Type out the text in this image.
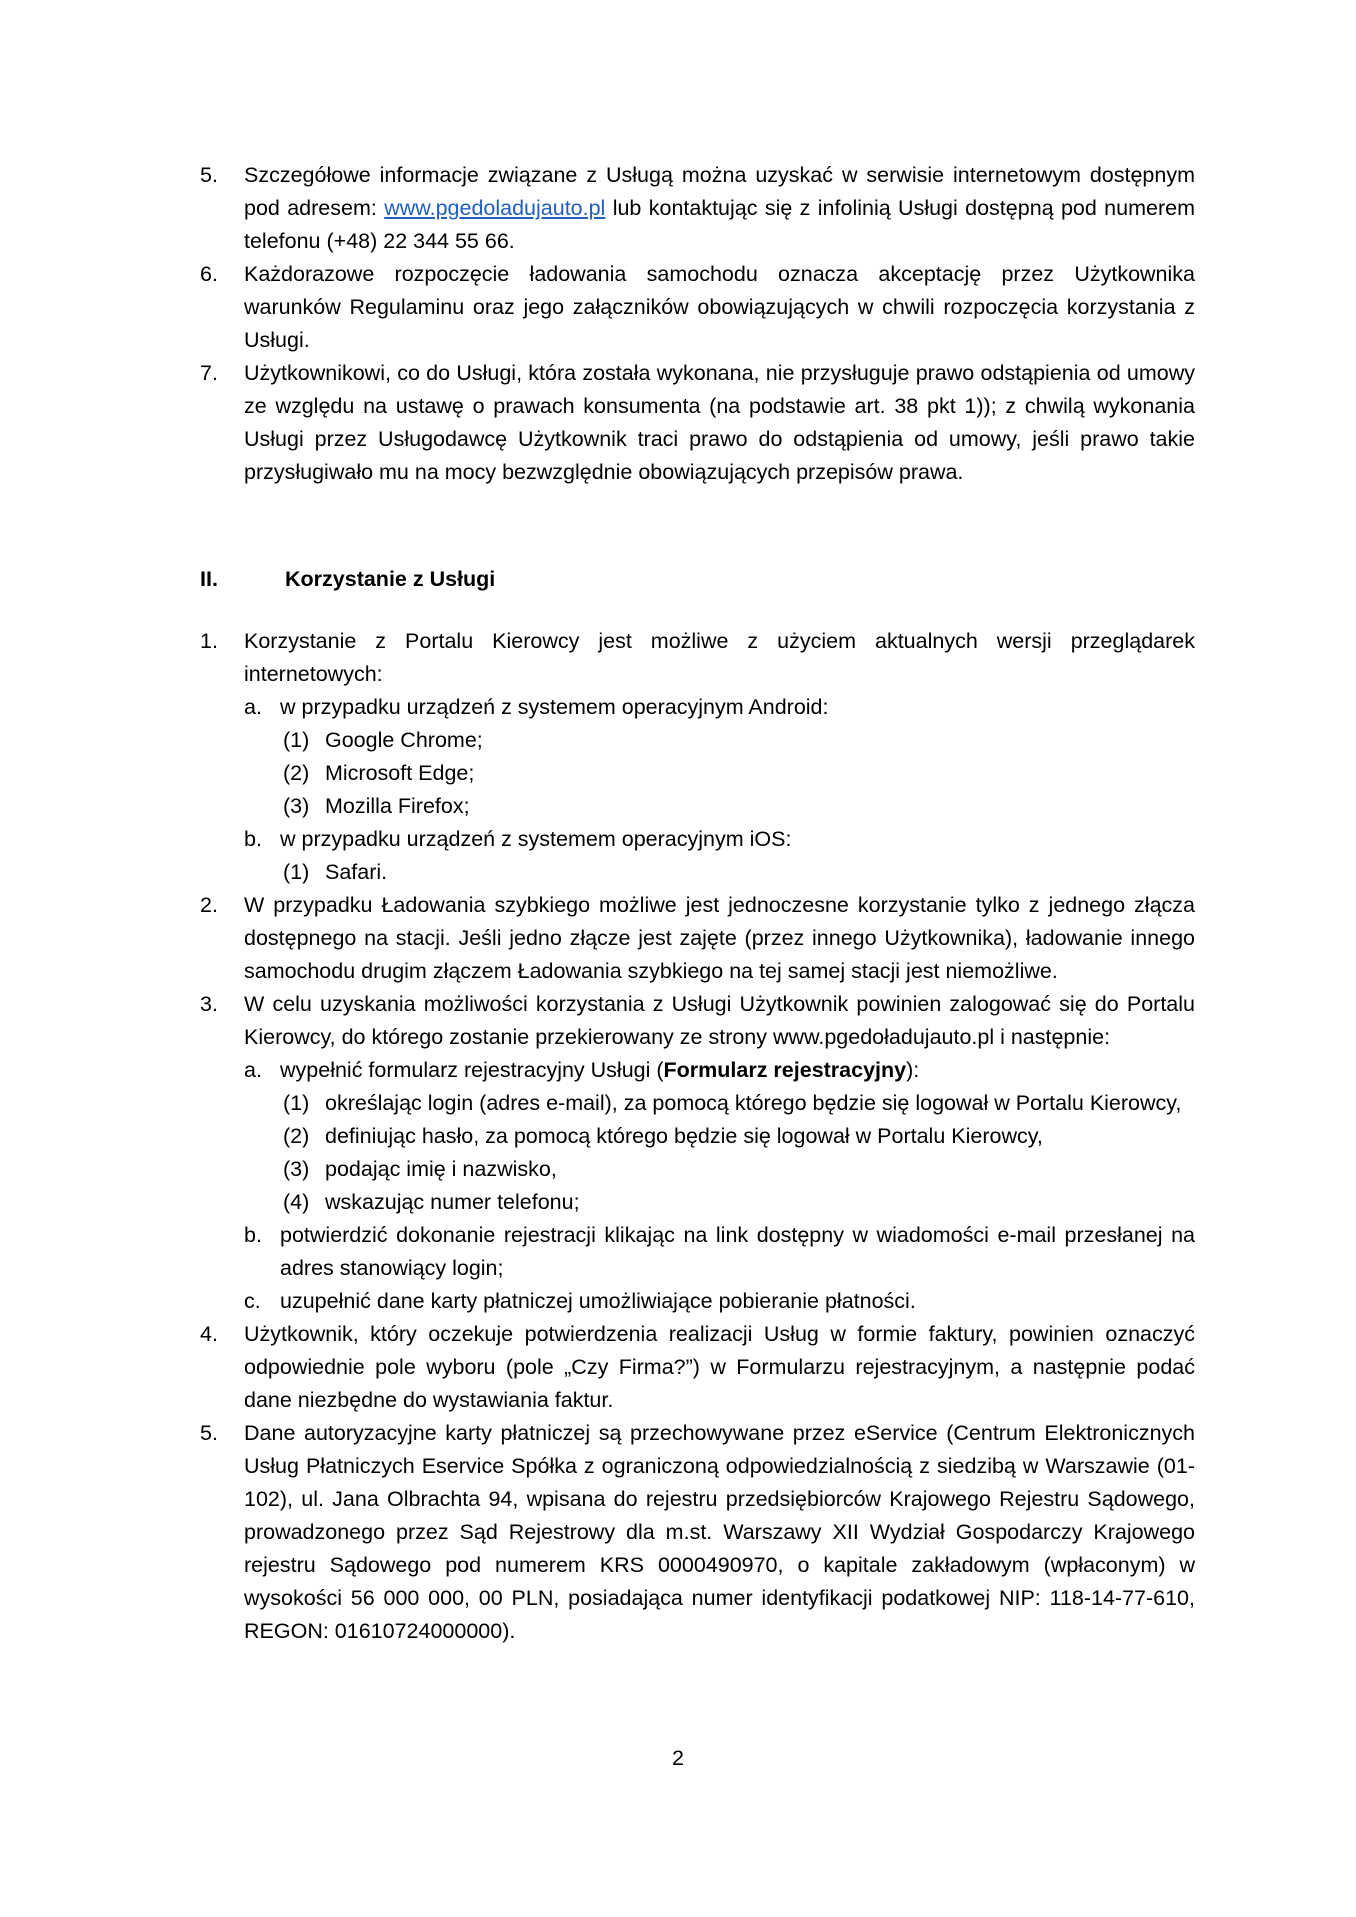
5. Szczegółowe informacje związane z Usługą można uzyskać w serwisie internetowym dostępnym pod adresem: www.pgedoladujauto.pl lub kontaktując się z infolinią Usługi dostępną pod numerem telefonu (+48) 22 344 55 66.
6. Każdorazowe rozpoczęcie ładowania samochodu oznacza akceptację przez Użytkownika warunków Regulaminu oraz jego załączników obowiązujących w chwili rozpoczęcia korzystania z Usługi.
7. Użytkownikowi, co do Usługi, która została wykonana, nie przysługuje prawo odstąpienia od umowy ze względu na ustawę o prawach konsumenta (na podstawie art. 38 pkt 1)); z chwilą wykonania Usługi przez Usługodawcę Użytkownik traci prawo do odstąpienia od umowy, jeśli prawo takie przysługiwało mu na mocy bezwzględnie obowiązujących przepisów prawa.
II.	Korzystanie z Usługi
1. Korzystanie z Portalu Kierowcy jest możliwe z użyciem aktualnych wersji przeglądarek internetowych:
a. w przypadku urządzeń z systemem operacyjnym Android:
(1) Google Chrome;
(2) Microsoft Edge;
(3) Mozilla Firefox;
b. w przypadku urządzeń z systemem operacyjnym iOS:
(1) Safari.
2. W przypadku Ładowania szybkiego możliwe jest jednoczesne korzystanie tylko z jednego złącza dostępnego na stacji. Jeśli jedno złącze jest zajęte (przez innego Użytkownika), ładowanie innego samochodu drugim złączem Ładowania szybkiego na tej samej stacji jest niemożliwe.
3. W celu uzyskania możliwości korzystania z Usługi Użytkownik powinien zalogować się do Portalu Kierowcy, do którego zostanie przekierowany ze strony www.pgedoładujauto.pl i następnie:
a. wypełnić formularz rejestracyjny Usługi (Formularz rejestracyjny):
(1) określając login (adres e-mail), za pomocą którego będzie się logował w Portalu Kierowcy,
(2) definiując hasło, za pomocą którego będzie się logował w Portalu Kierowcy,
(3) podając imię i nazwisko,
(4) wskazując numer telefonu;
b. potwierdzić dokonanie rejestracji klikając na link dostępny w wiadomości e-mail przesłanej na adres stanowiący login;
c. uzupełnić dane karty płatniczej umożliwiające pobieranie płatności.
4. Użytkownik, który oczekuje potwierdzenia realizacji Usług w formie faktury, powinien oznaczyć odpowiednie pole wyboru (pole „Czy Firma?”) w Formularzu rejestracyjnym, a następnie podać dane niezbędne do wystawiania faktur.
5. Dane autoryzacyjne karty płatniczej są przechowywane przez eService (Centrum Elektronicznych Usług Płatniczych Eservice Spółka z ograniczoną odpowiedzialnością z siedzibą w Warszawie (01-102), ul. Jana Olbrachta 94, wpisana do rejestru przedsiębiorców Krajowego Rejestru Sądowego, prowadzonego przez Sąd Rejestrowy dla m.st. Warszawy XII Wydział Gospodarczy Krajowego rejestru Sądowego pod numerem KRS 0000490970, o kapitale zakładowym (wpłaconym) w wysokości 56 000 000, 00 PLN, posiadająca numer identyfikacji podatkowej NIP: 118-14-77-610, REGON: 01610724000000).
2
